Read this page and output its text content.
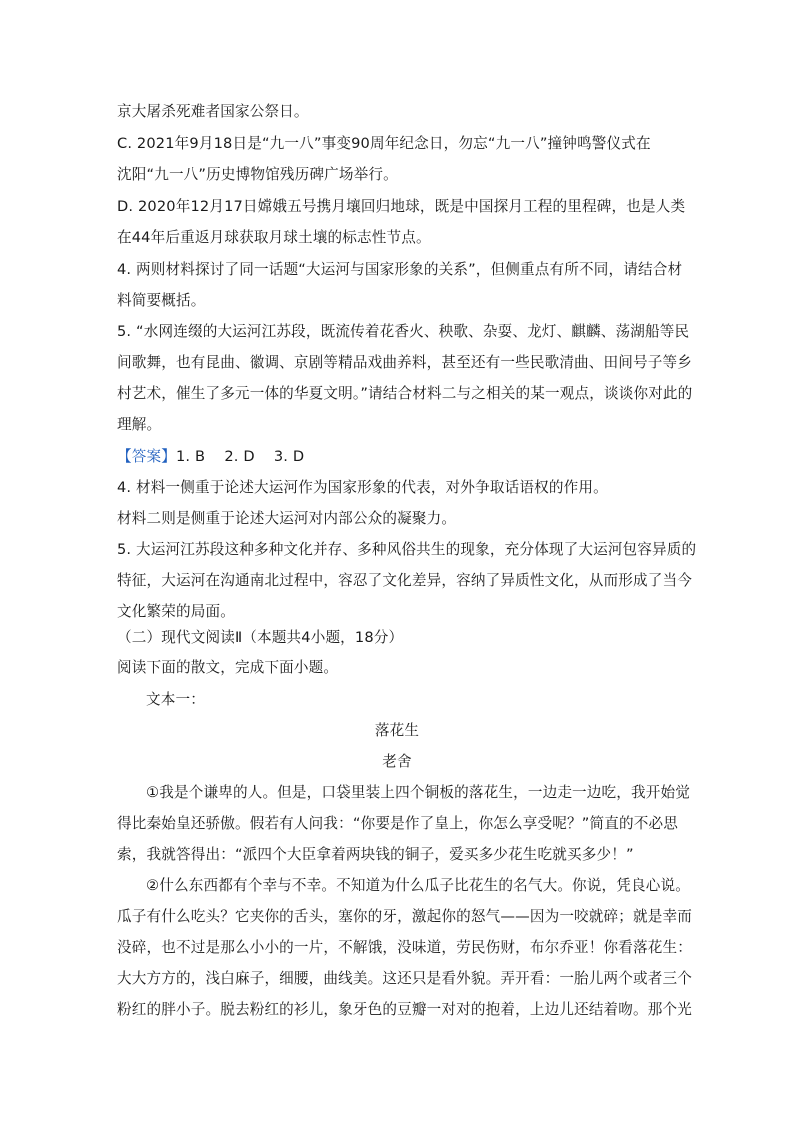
京大屠杀死难者国家公祭日。
C. 2021年9月18日是“九一八”事变90周年纪念日，勿忘“九一八”撞钟鸣警仪式在
沈阳“九一八”历史博物馆残历碑广场举行。
D. 2020年12月17日嫦娥五号携月壤回归地球，既是中国探月工程的里程碑，也是人类
在44年后重返月球获取月球土壤的标志性节点。
4. 两则材料探讨了同一话题“大运河与国家形象的关系”，但侧重点有所不同，请结合材
料简要概括。
5. “水网连缀的大运河江苏段，既流传着花香火、秧歌、杂耍、龙灯、麒麟、荡湖船等民
间歌舞，也有昆曲、徽调、京剧等精品戏曲养料，甚至还有一些民歌清曲、田间号子等乡
村艺术，催生了多元一体的华夏文明。”请结合材料二与之相关的某一观点，谈谈你对此的
理解。
【答案】1. B    2. D    3. D
4. 材料一侧重于论述大运河作为国家形象的代表，对外争取话语权的作用。
材料二则是侧重于论述大运河对内部公众的凝聚力。
5. 大运河江苏段这种多种文化并存、多种风俗共生的现象，充分体现了大运河包容异质的
特征，大运河在沟通南北过程中，容忍了文化差异，容纳了异质性文化，从而形成了当今
文化繁荣的局面。
（二）现代文阅读Ⅱ（本题共4小题，18分）
阅读下面的散文，完成下面小题。
文本一：
落花生
老舍
①我是个谦卑的人。但是，口袋里装上四个铜板的落花生，一边走一边吃，我开始觉
得比秦始皇还骄傲。假若有人问我：“你要是作了皇上，你怎么享受呢？”简直的不必思
索，我就答得出：“派四个大臣拿着两块钱的铜子，爱买多少花生吃就买多少！”
②什么东西都有个幸与不幸。不知道为什么瓜子比花生的名气大。你说，凭良心说。
瓜子有什么吃头？它夹你的舌头，塞你的牙，激起你的怒气——因为一咬就碎；就是幸而
没碎，也不过是那么小小的一片，不解饿，没味道，劳民伤财，布尔乔亚！你看落花生：
大大方方的，浅白麻子，细腰，曲线美。这还只是看外貌。弄开看：一胎儿两个或者三个
粉红的胖小子。脱去粉红的衫儿，象牙色的豆瓣一对对的抱着，上边儿还结着吻。那个光
